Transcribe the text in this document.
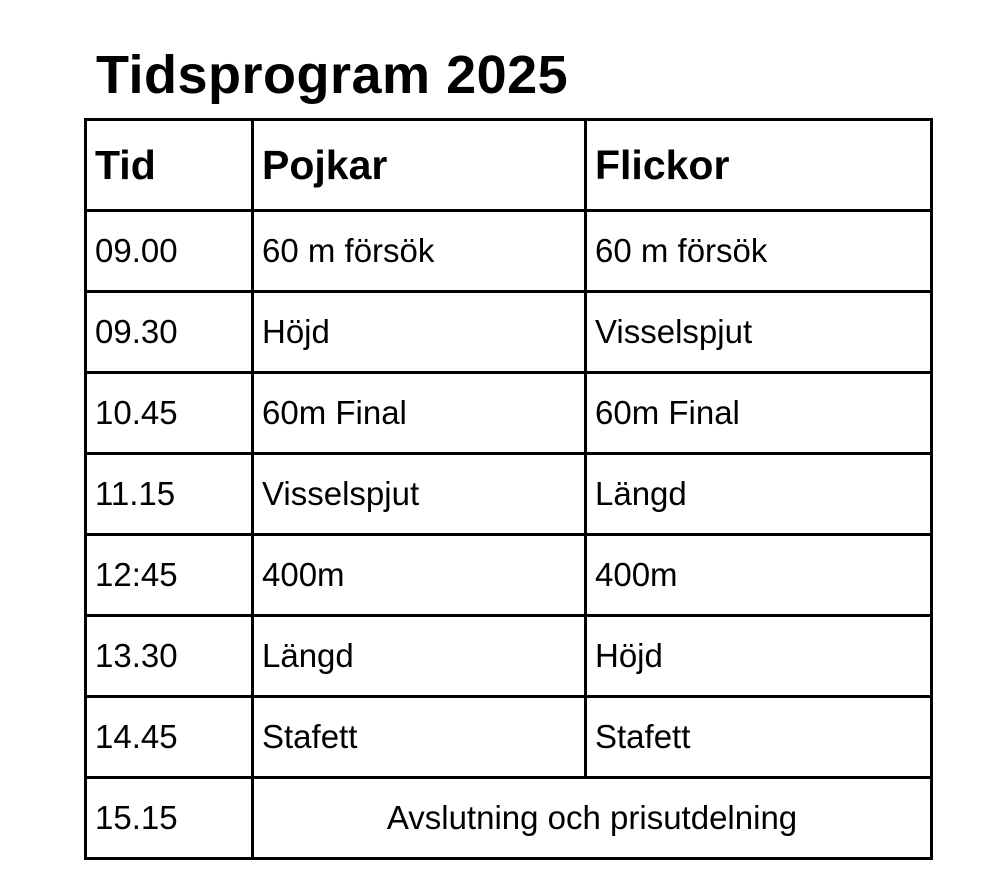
Tidsprogram 2025
Tid	Pojkar	Flickor
09.00	60 m försök	60 m försök
09.30	Höjd	Visselspjut
10.45	60m Final	60m Final
11.15	Visselspjut	Längd
12:45	400m	400m
13.30	Längd	Höjd
14.45	Stafett	Stafett
15.15	Avslutning och prisutdelning	
